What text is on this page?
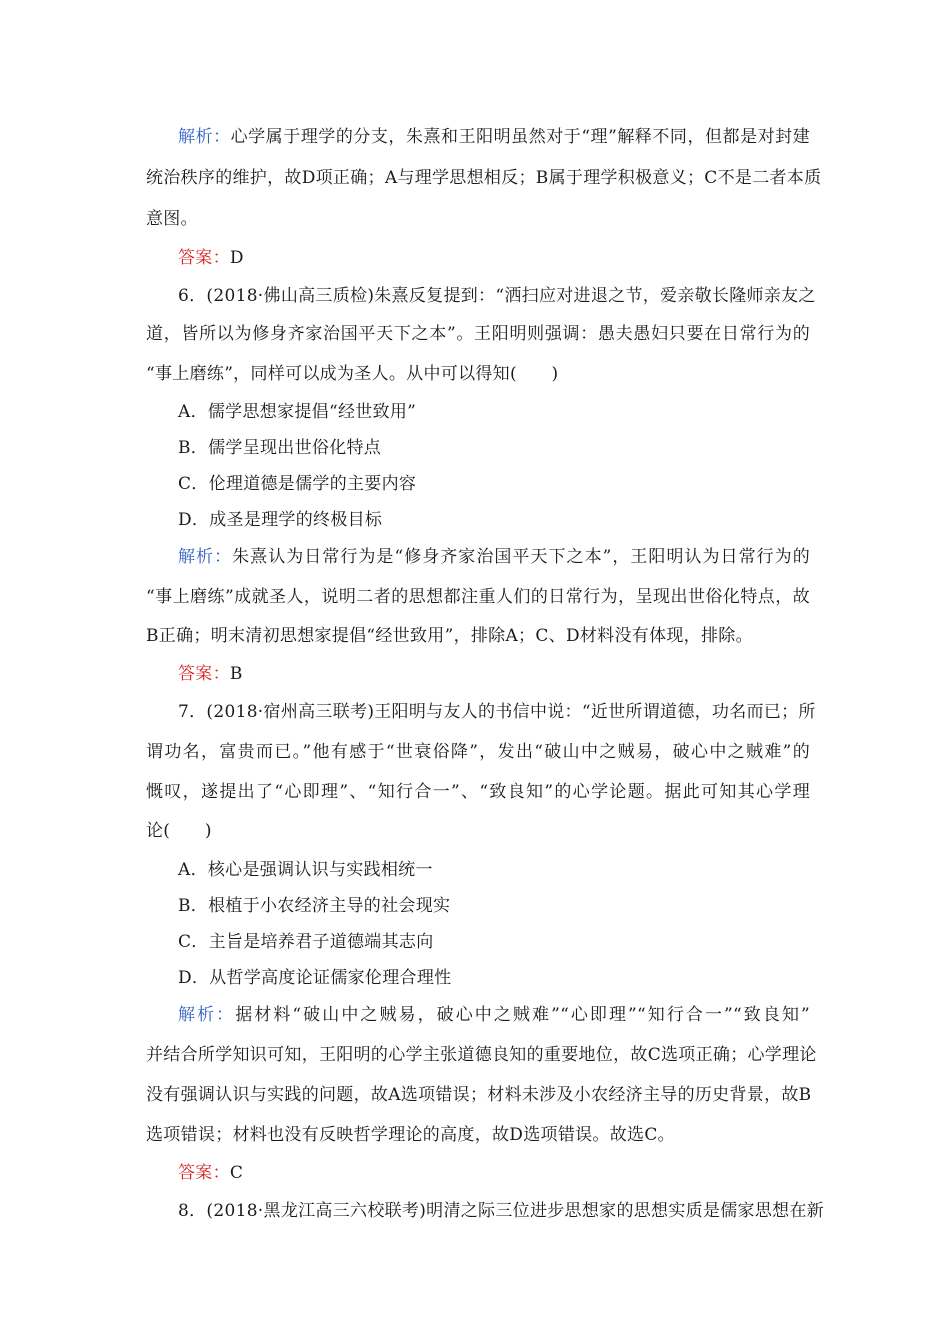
解析：心学属于理学的分支，朱熹和王阳明虽然对于“理”解释不同，但都是对封建
统治秩序的维护，故D项正确；A与理学思想相反；B属于理学积极意义；C不是二者本质
意图。
答案：D
6．(2018·佛山高三质检)朱熹反复提到：“洒扫应对进退之节，爱亲敬长隆师亲友之
道，皆所以为修身齐家治国平天下之本”。王阳明则强调：愚夫愚妇只要在日常行为的
“事上磨练”，同样可以成为圣人。从中可以得知(　　)
A．儒学思想家提倡“经世致用”
B．儒学呈现出世俗化特点
C．伦理道德是儒学的主要内容
D．成圣是理学的终极目标
解析：朱熹认为日常行为是“修身齐家治国平天下之本”，王阳明认为日常行为的
“事上磨练”成就圣人，说明二者的思想都注重人们的日常行为，呈现出世俗化特点，故
B正确；明末清初思想家提倡“经世致用”，排除A；C、D材料没有体现，排除。
答案：B
7．(2018·宿州高三联考)王阳明与友人的书信中说：“近世所谓道德，功名而已；所
谓功名，富贵而已。”他有感于“世衰俗降”，发出“破山中之贼易，破心中之贼难”的
慨叹，遂提出了“心即理”、“知行合一”、“致良知”的心学论题。据此可知其心学理
论(　　)
A．核心是强调认识与实践相统一
B．根植于小农经济主导的社会现实
C．主旨是培养君子道德端其志向
D．从哲学高度论证儒家伦理合理性
解析：据材料“破山中之贼易，破心中之贼难”“心即理”“知行合一”“致良知”
并结合所学知识可知，王阳明的心学主张道德良知的重要地位，故C选项正确；心学理论
没有强调认识与实践的问题，故A选项错误；材料未涉及小农经济主导的历史背景，故B
选项错误；材料也没有反映哲学理论的高度，故D选项错误。故选C。
答案：C
8．(2018·黑龙江高三六校联考)明清之际三位进步思想家的思想实质是儒家思想在新
